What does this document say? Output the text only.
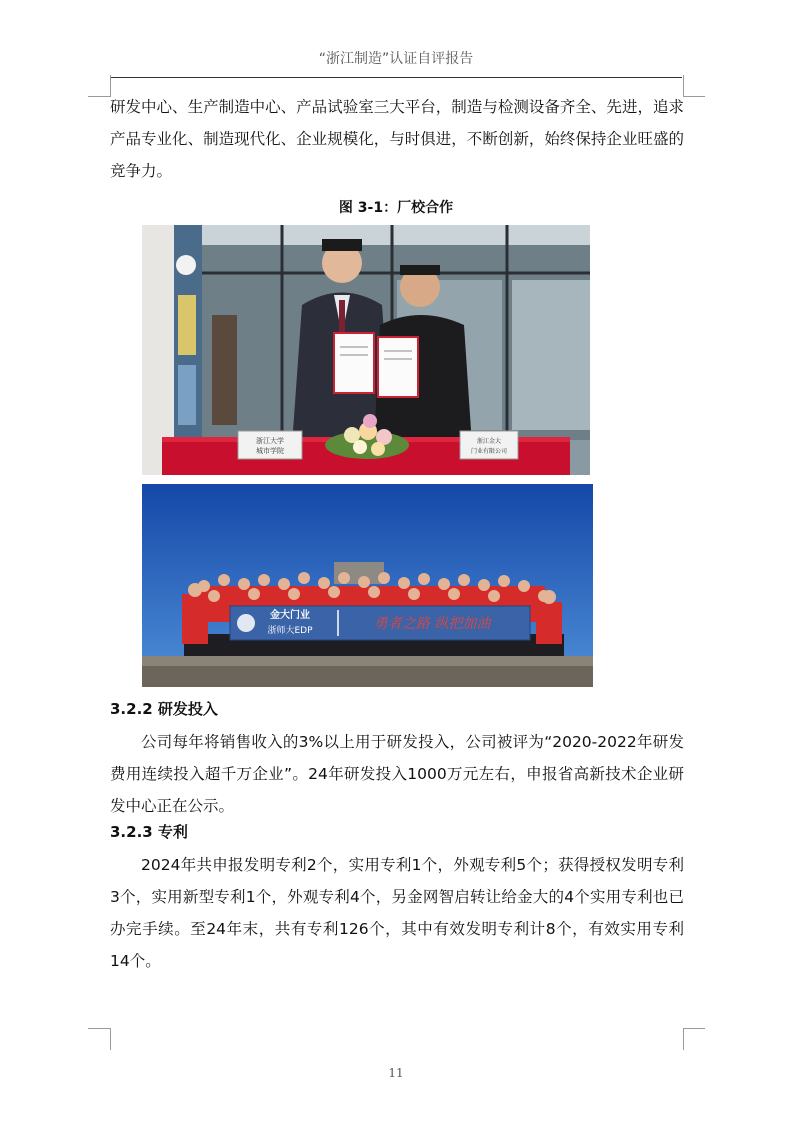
“浙江制造”认证自评报告

研发中心、生产制造中心、产品试验室三大平台，制造与检测设备齐全、先进，追求产品专业化、制造现代化、企业规模化，与时俱进，不断创新，始终保持企业旺盛的竞争力。

图 3-1：厂校合作
浙江大学
城市学院
浙江金大
门业有限公司
金大门业
浙师大EDP	勇者之路 纵把加油
3.2.2 研发投入

公司每年将销售收入的3%以上用于研发投入，公司被评为“2020-2022年研发费用连续投入超千万企业”。24年研发投入1000万元左右，申报省高新技术企业研发中心正在公示。

3.2.3 专利

2024年共申报发明专利2个，实用专利1个，外观专利5个；获得授权发明专利3个，实用新型专利1个，外观专利4个，另金网智启转让给金大的4个实用专利也已办完手续。至24年末，共有专利126个，其中有效发明专利计8个，有效实用专利14个。

11
